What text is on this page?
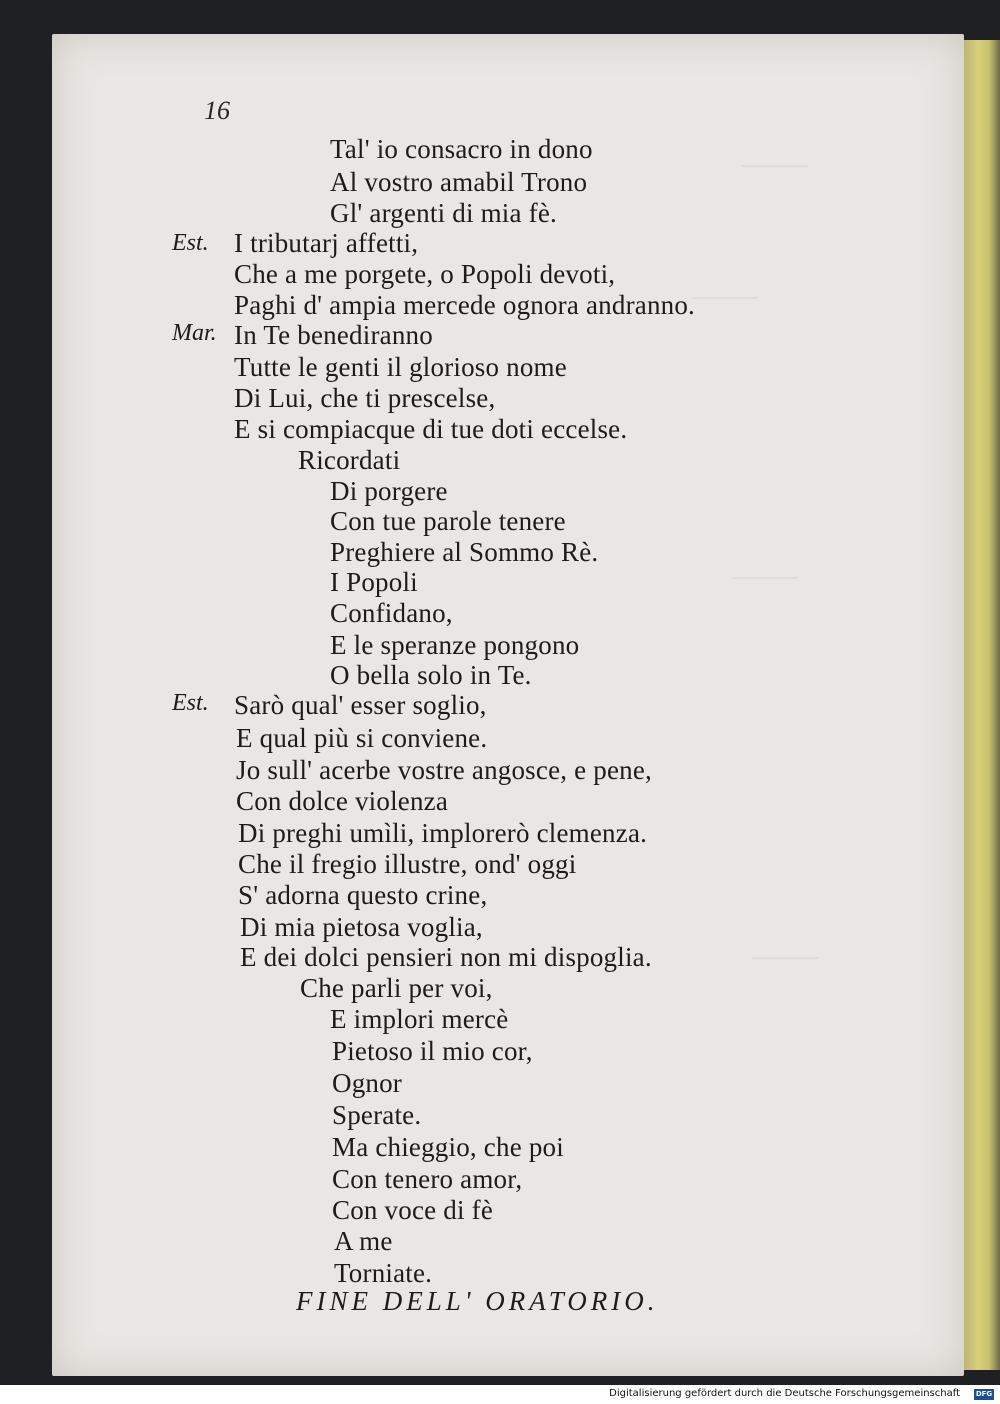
16
Tal' io consacro in dono
Al vostro amabil Trono
Gl' argenti di mia fè.
I tributarj affetti,
Est.
Che a me porgete, o Popoli devoti,
Paghi d' ampia mercede ognora andranno.
In Te benediranno
Mar.
Tutte le genti il glorioso nome
Di Lui, che ti prescelse,
E si compiacque di tue doti eccelse.
Ricordati
Di porgere
Con tue parole tenere
Preghiere al Sommo Rè.
I Popoli
Confidano,
E le speranze pongono
O bella solo in Te.
Sarò qual' esser soglio,
Est.
E qual più si conviene.
Jo sull' acerbe vostre angosce, e pene,
Con dolce violenza
Di preghi umìli, implorerò clemenza.
Che il fregio illustre, ond' oggi
S' adorna questo crine,
Di mia pietosa voglia,
E dei dolci pensieri non mi dispoglia.
Che parli per voi,
E implori mercè
Pietoso il mio cor,
Ognor
Sperate.
Ma chieggio, che poi
Con tenero amor,
Con voce di fè
A me
Torniate.
FINE DELL' ORATORIO.
Digitalisierung gefördert durch die Deutsche Forschungsgemeinschaft DFG
